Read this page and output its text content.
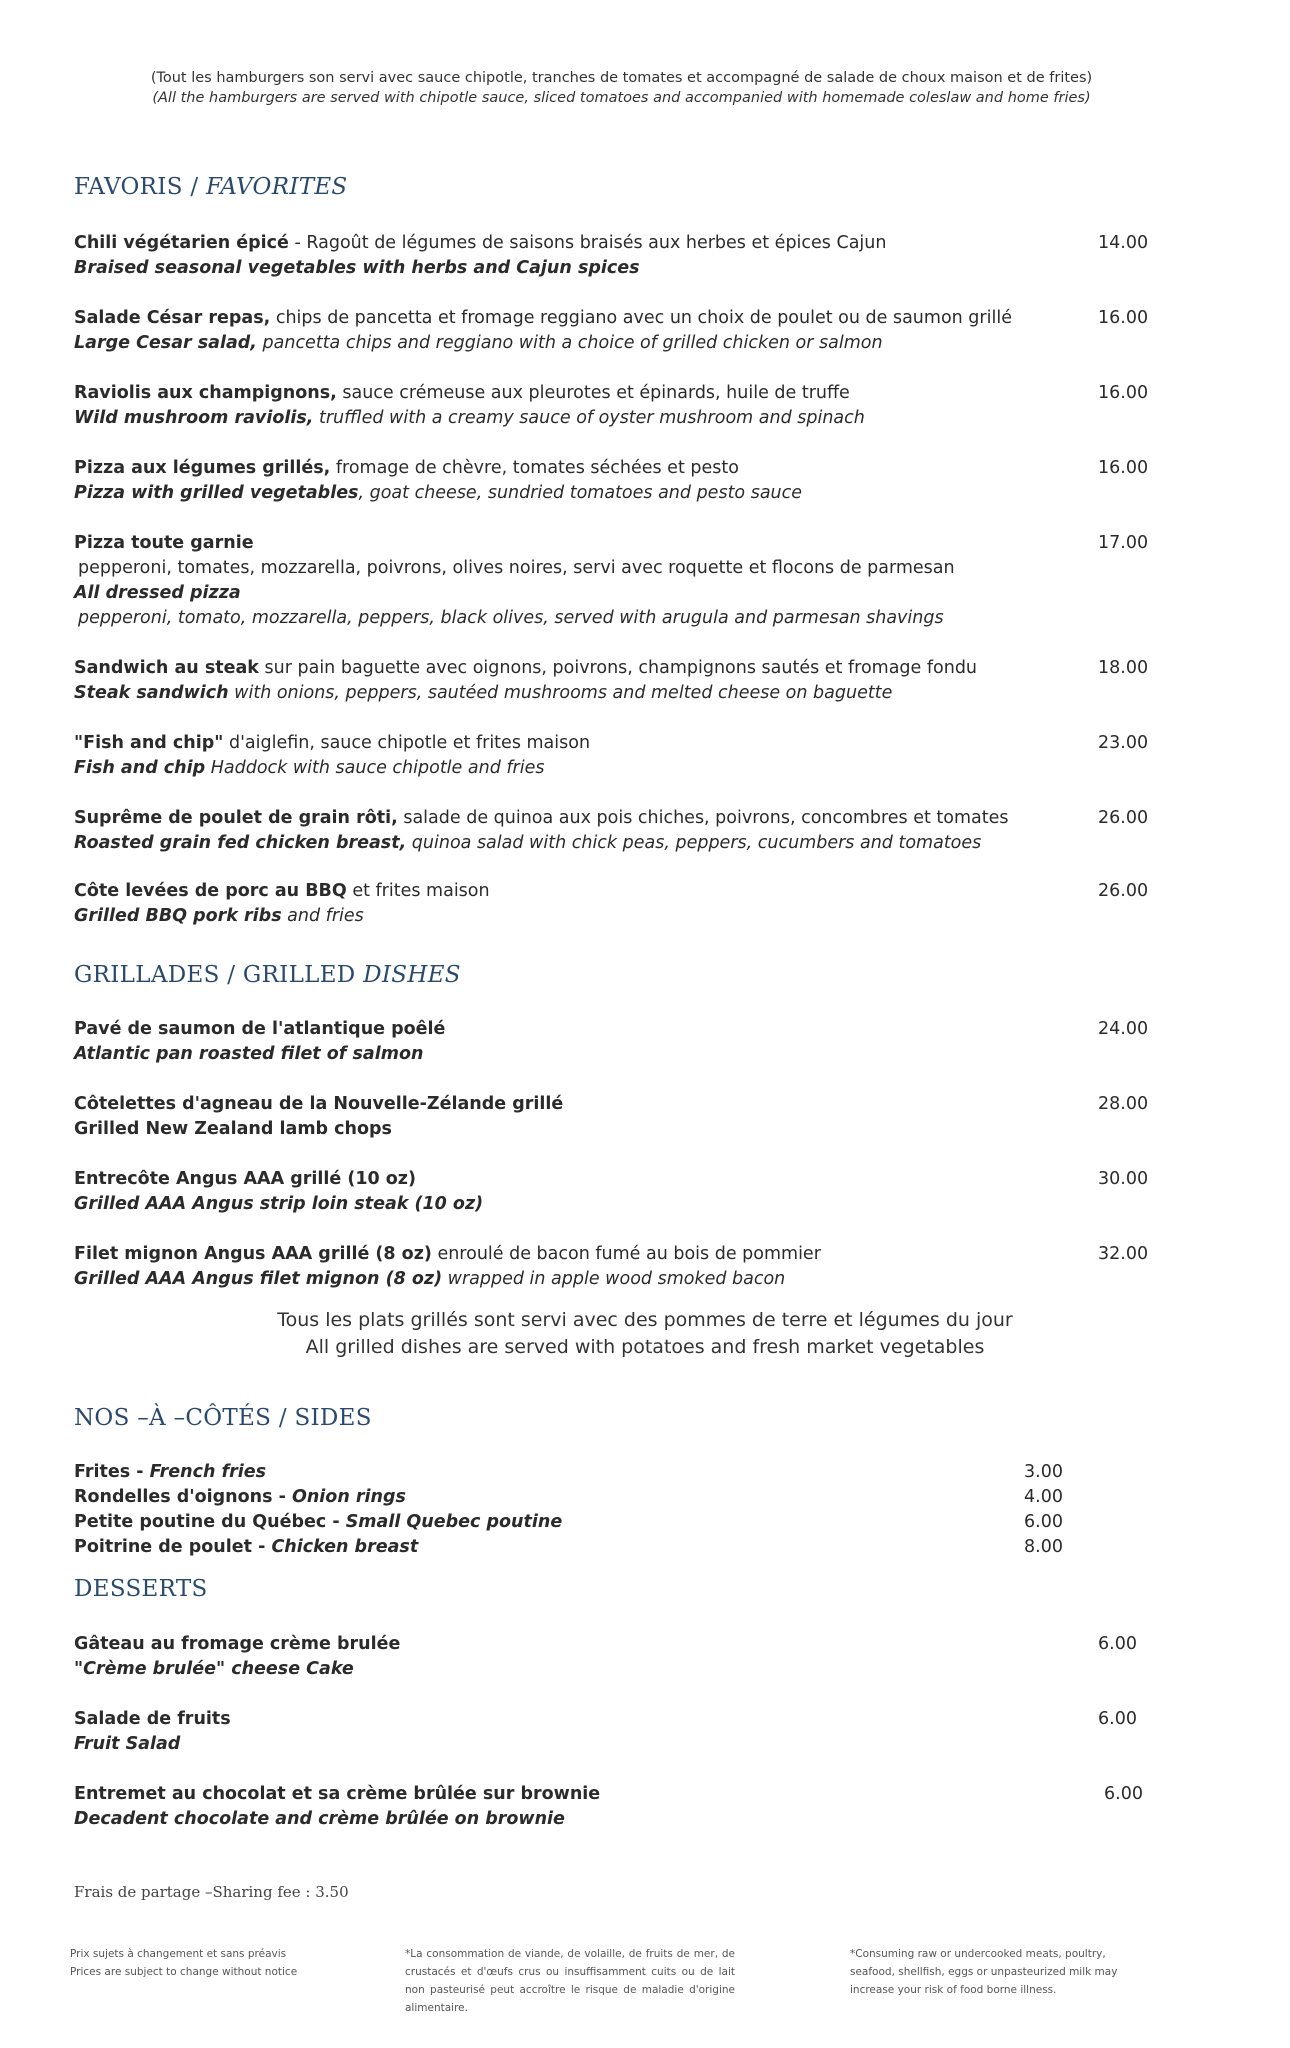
(Tout les hamburgers son servi avec sauce chipotle, tranches de tomates et accompagné de salade de choux maison et de frites)
(All the hamburgers are served with chipotle sauce, sliced tomatoes and accompanied with homemade coleslaw and home fries)
FAVORIS / FAVORITES
Chili végétarien épicé - Ragoût de légumes de saisons braisés aux herbes et épices Cajun
Braised seasonal vegetables with herbs and Cajun spices
14.00
Salade César repas, chips de pancetta et fromage reggiano avec un choix de poulet ou de saumon grillé
Large Cesar salad, pancetta chips and reggiano with a choice of grilled chicken or salmon
16.00
Raviolis aux champignons, sauce crémeuse aux pleurotes et épinards, huile de truffe
Wild mushroom raviolis, truffled with a creamy sauce of oyster mushroom and spinach
16.00
Pizza aux légumes grillés, fromage de chèvre, tomates séchées et pesto
Pizza with grilled vegetables, goat cheese, sundried tomatoes and pesto sauce
16.00
Pizza toute garnie
pepperoni, tomates, mozzarella, poivrons, olives noires, servi avec roquette et flocons de parmesan
All dressed pizza
pepperoni, tomato, mozzarella, peppers, black olives, served with arugula and parmesan shavings
17.00
Sandwich au steak sur pain baguette avec oignons, poivrons, champignons sautés et fromage fondu
Steak sandwich with onions, peppers, sautéed mushrooms and melted cheese on baguette
18.00
"Fish and chip" d'aiglefin, sauce chipotle et frites maison
Fish and chip Haddock with sauce chipotle and fries
23.00
Suprême de poulet de grain rôti, salade de quinoa aux pois chiches, poivrons, concombres et tomates
Roasted grain fed chicken breast, quinoa salad with chick peas, peppers, cucumbers and tomatoes
26.00
Côte levées de porc au BBQ et frites maison
Grilled BBQ pork ribs and fries
26.00
GRILLADES / GRILLED DISHES
Pavé de saumon de l'atlantique poêlé
Atlantic pan roasted filet of salmon
24.00
Côtelettes d'agneau de la Nouvelle-Zélande grillé
Grilled New Zealand lamb chops
28.00
Entrecôte Angus AAA grillé (10 oz)
Grilled AAA Angus strip loin steak (10 oz)
30.00
Filet mignon Angus AAA grillé (8 oz) enroulé de bacon fumé au bois de pommier
Grilled AAA Angus filet mignon (8 oz) wrapped in apple wood smoked bacon
32.00
Tous les plats grillés sont servi avec des pommes de terre et légumes du jour
All grilled dishes are served with potatoes and fresh market vegetables
NOS –À –CÔTÉS / SIDES
Frites - French fries	3.00
Rondelles d'oignons - Onion rings	4.00
Petite poutine du Québec - Small Quebec poutine	6.00
Poitrine de poulet - Chicken breast	8.00
DESSERTS
Gâteau au fromage crème brulée
"Crème brulée" cheese Cake
6.00
Salade de fruits
Fruit Salad
6.00
Entremet au chocolat et sa crème brûlée sur brownie
Decadent chocolate and crème brûlée on brownie
6.00
Frais de partage –Sharing fee : 3.50
Prix sujets à changement et sans préavis
Prices are subject to change without notice
*La consommation de viande, de volaille, de fruits de mer, de crustacés et d'œufs crus ou insuffisamment cuits ou de lait non pasteurisé peut accroître le risque de maladie d'origine alimentaire.
*Consuming raw or undercooked meats, poultry, seafood, shellfish, eggs or unpasteurized milk may increase your risk of food borne illness.
